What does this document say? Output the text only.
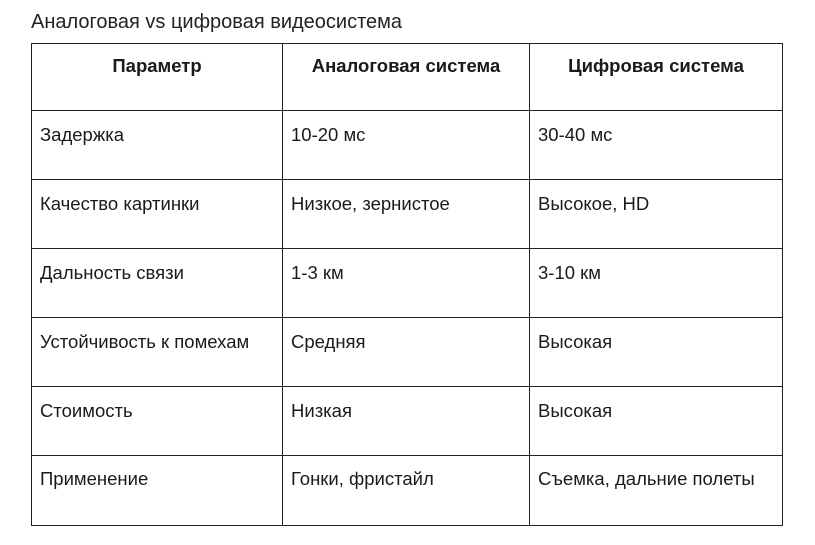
Аналоговая vs цифровая видеосистема
Параметр	Аналоговая система	Цифровая система
Задержка	10-20 мс	30-40 мс
Качество картинки	Низкое, зернистое	Высокое, HD
Дальность связи	1-3 км	3-10 км
Устойчивость к помехам	Средняя	Высокая
Стоимость	Низкая	Высокая
Применение	Гонки, фристайл	Съемка, дальние полеты
